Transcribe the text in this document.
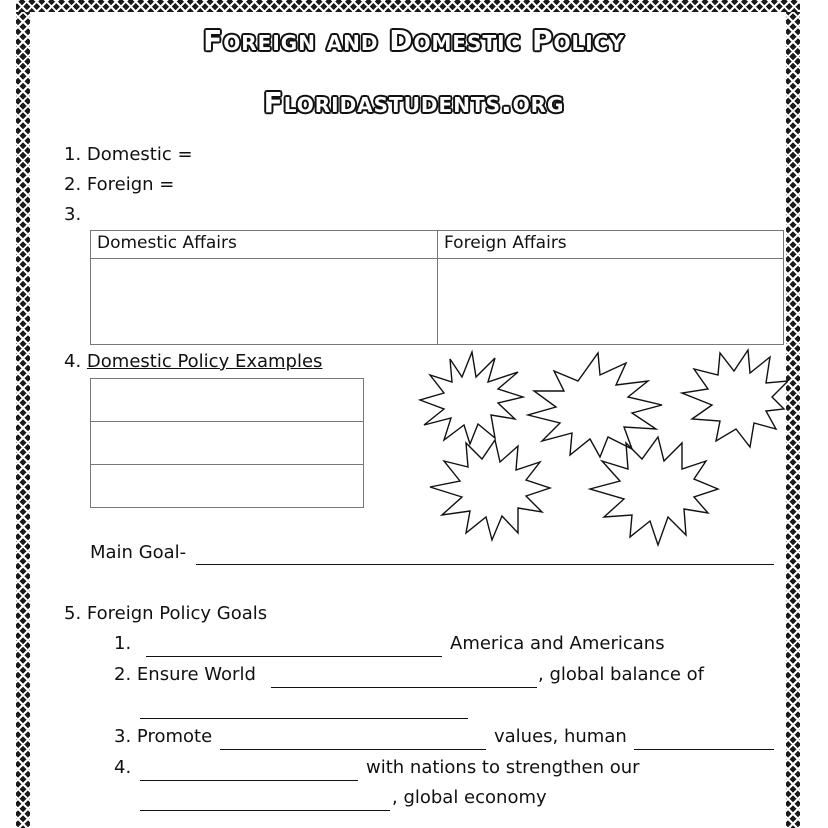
Foreign and Domestic Policy
Floridastudents.org
1. Domestic =
2. Foreign =
3.
Domestic Affairs	Foreign Affairs

4. Domestic Policy Examples
Main Goal-
5. Foreign Policy Goals
1.	America and Americans
2. Ensure World	, global balance of
3. Promote	values, human
4.	with nations to strengthen our
, global economy
